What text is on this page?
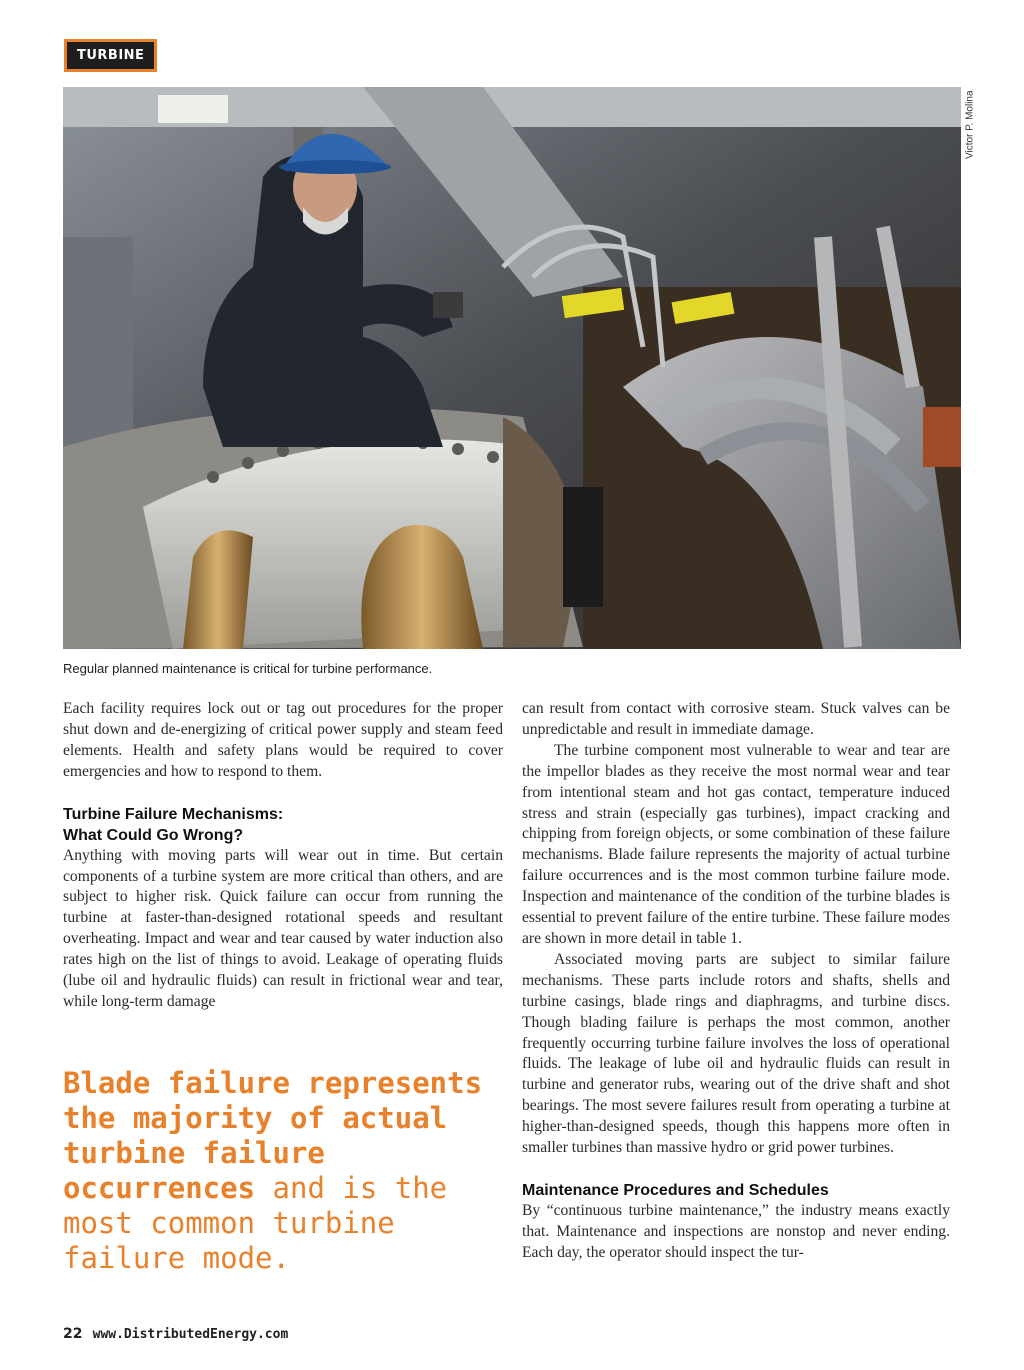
TURBINE
Victor P. Molina
Regular planned maintenance is critical for turbine performance.

Each facility requires lock out or tag out procedures for the proper shut down and de-energizing of critical power supply and steam feed elements. Health and safety plans would be required to cover emergencies and how to respond to them.

Turbine Failure Mechanisms:
What Could Go Wrong?

Anything with moving parts will wear out in time. But certain components of a turbine system are more critical than others, and are subject to higher risk. Quick failure can occur from running the turbine at faster-than-designed rotational speeds and resultant overheating. Impact and wear and tear caused by water induction also rates high on the list of things to avoid. Leakage of operating fluids (lube oil and hydraulic fluids) can result in frictional wear and tear, while long-term damage

Blade failure represents the majority of actual turbine failure occurrences and is the most common turbine failure mode.

can result from contact with corrosive steam. Stuck valves can be unpredictable and result in immediate damage.

The turbine component most vulnerable to wear and tear are the impellor blades as they receive the most normal wear and tear from intentional steam and hot gas contact, temperature induced stress and strain (especially gas turbines), impact cracking and chipping from foreign objects, or some combination of these failure mechanisms. Blade failure represents the majority of actual turbine failure occurrences and is the most common turbine failure mode. Inspection and maintenance of the condition of the turbine blades is essential to prevent failure of the entire turbine. These failure modes are shown in more detail in table 1.

Associated moving parts are subject to similar failure mechanisms. These parts include rotors and shafts, shells and turbine casings, blade rings and diaphragms, and turbine discs. Though blading failure is perhaps the most common, another frequently occurring turbine failure involves the loss of operational fluids. The leakage of lube oil and hydraulic fluids can result in turbine and generator rubs, wearing out of the drive shaft and shot bearings. The most severe failures result from operating a turbine at higher-than-designed speeds, though this happens more often in smaller turbines than massive hydro or grid power turbines.

Maintenance Procedures and Schedules

By “continuous turbine maintenance,” the industry means exactly that. Maintenance and inspections are nonstop and never ending. Each day, the operator should inspect the tur-

22 www.DistributedEnergy.com
